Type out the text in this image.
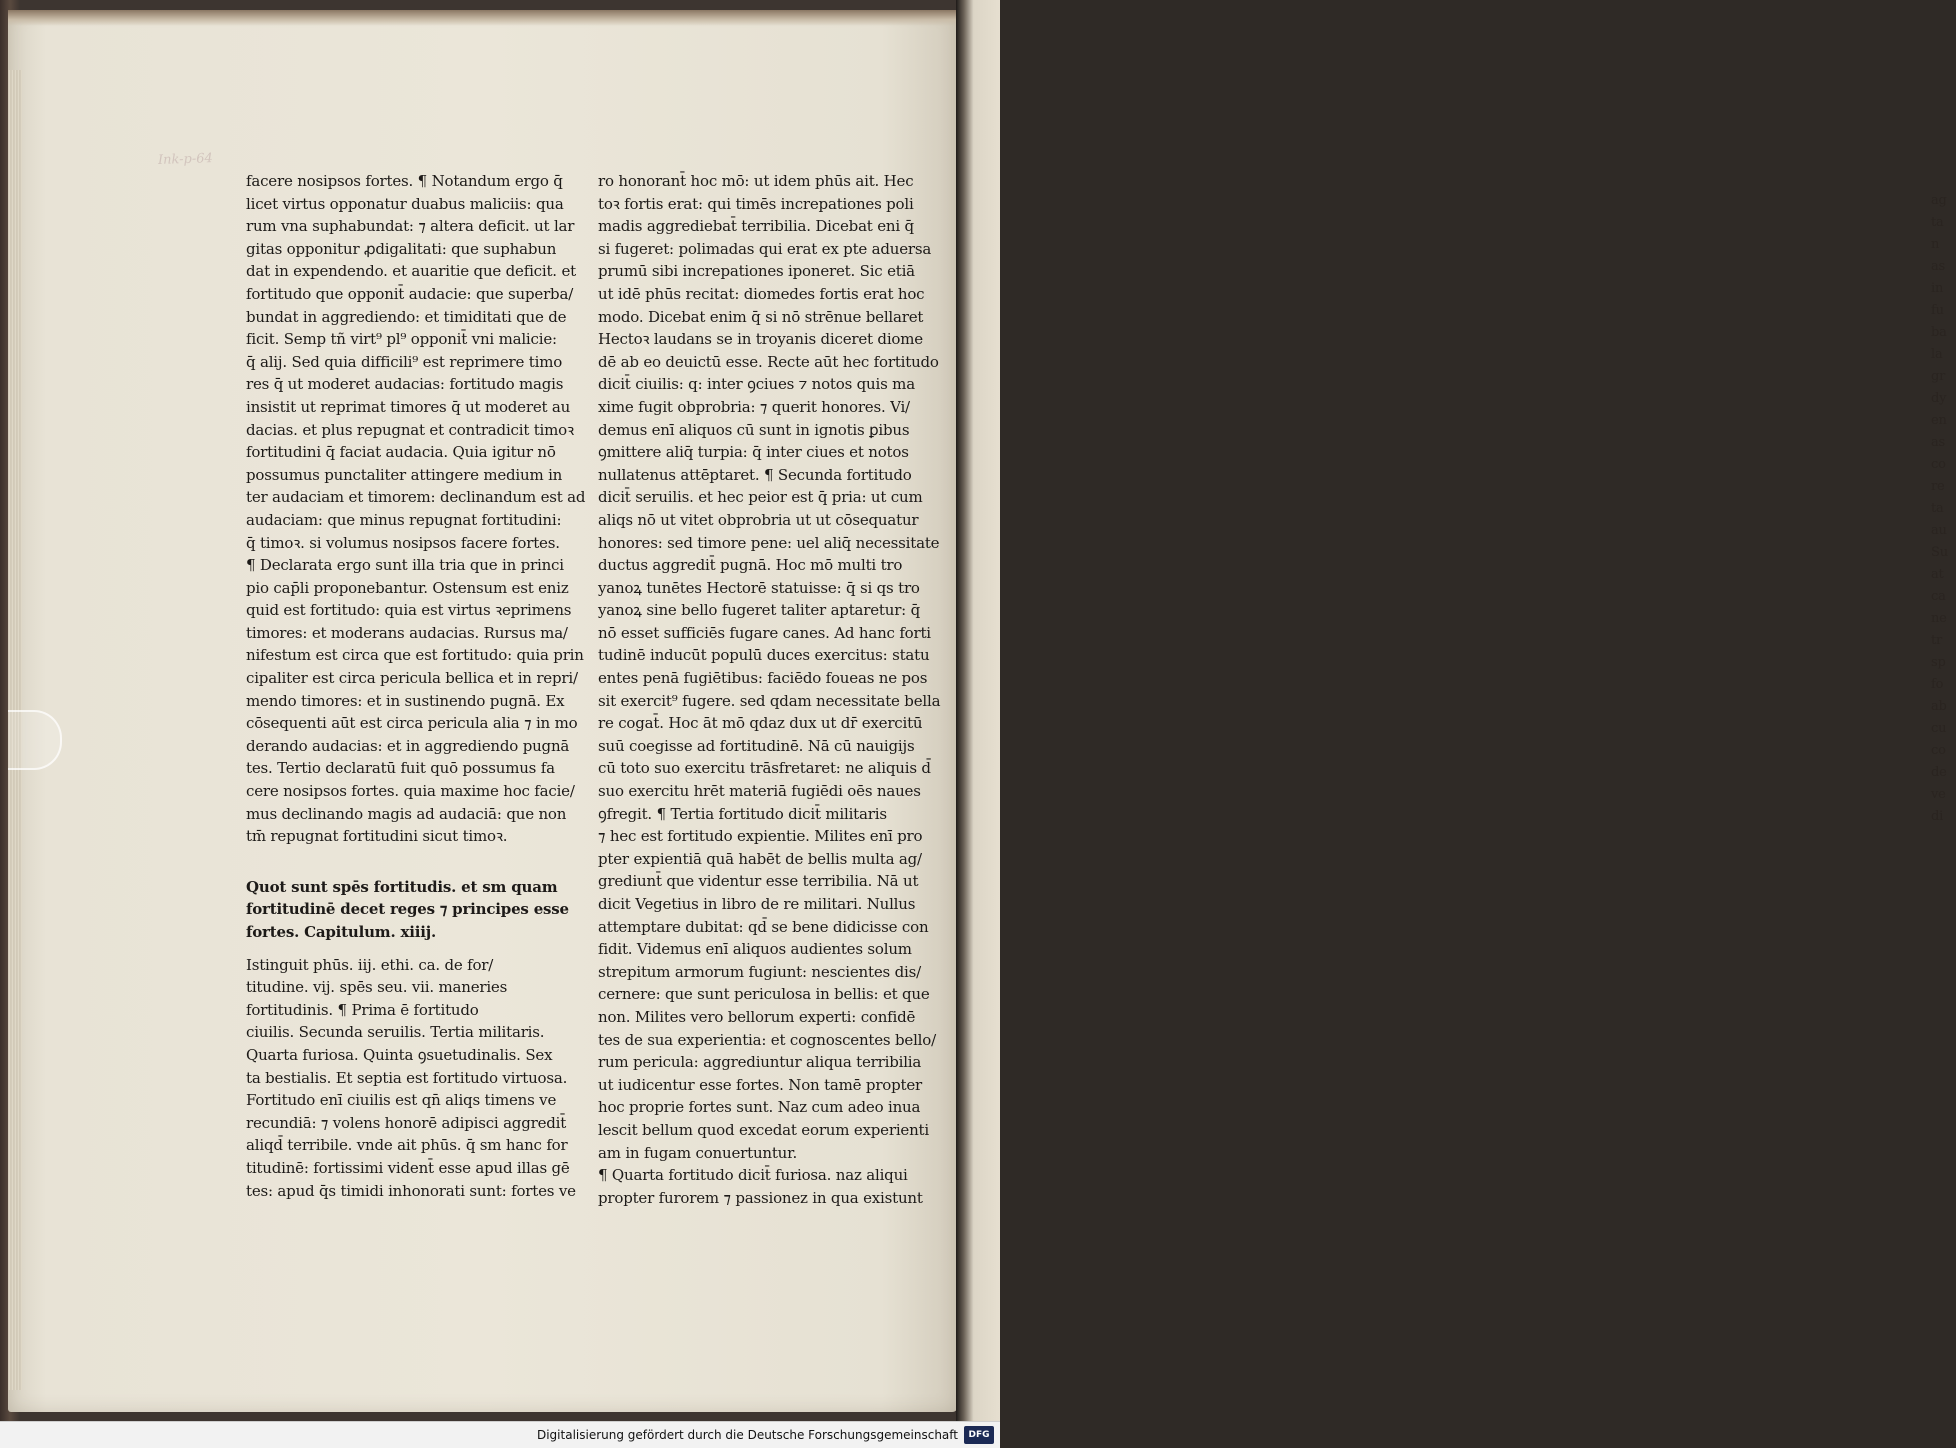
Ink-p-64
facere nosipsos fortes. ¶ Notandum ergo q̄
licet virtus opponatur duabus maliciis: qua
rum vna suphabundat: ⁊ altera deficit. ut lar
gitas opponitur ꝓdigalitati: que suphabun
dat in expendendo. et auaritie que deficit. et
fortitudo que opponit̄ audacie: que superba/
bundat in aggrediendo: et timiditati que de
ficit. Semp tñ virt⁹ pl⁹ opponit̄ vni malicie:
q̄ alij. Sed quia difficili⁹ est reprimere timo
res q̄ ut moderet audacias: fortitudo magis
insistit ut reprimat timores q̄ ut moderet au
dacias. et plus repugnat et contradicit timoꝛ
fortitudini q̄ faciat audacia. Quia igitur nō
possumus punctaliter attingere medium in
ter audaciam et timorem: declinandum est ad
audaciam: que minus repugnat fortitudini:
q̄ timoꝛ. si volumus nosipsos facere fortes.
¶ Declarata ergo sunt illa tria que in princi
pio cap̄li proponebantur. Ostensum est eniz
quid est fortitudo: quia est virtus ꝛeprimens
timores: et moderans audacias. Rursus ma/
nifestum est circa que est fortitudo: quia prin
cipaliter est circa pericula bellica et in repri/
mendo timores: et in sustinendo pugnā. Ex
cōsequenti aūt est circa pericula alia ⁊ in mo
derando audacias: et in aggrediendo pugnā
tes. Tertio declaratū fuit quō possumus fa
cere nosipsos fortes. quia maxime hoc facie/
mus declinando magis ad audaciā: que non
tm̄ repugnat fortitudini sicut timoꝛ.
Quot sunt spēs fortitudis. et sm quam
fortitudinē decet reges ⁊ principes esse
fortes. Capitulum. xiiij.
Istinguit phūs. iij. ethi. ca. de for/
titudine. vij. spēs seu. vii. maneries
fortitudinis. ¶ Prima ē fortitudo
ciuilis. Secunda seruilis. Tertia militaris.
Quarta furiosa. Quinta ꝯsuetudinalis. Sex
ta bestialis. Et septia est fortitudo virtuosa.
Fortitudo enī ciuilis est qn̄ aliqs timens ve
recundiā: ⁊ volens honorē adipisci aggredit̄
aliqd̄ terribile. vnde ait phūs. q̄ sm hanc for
titudinē: fortissimi vident̄ esse apud illas gē
tes: apud q̄s timidi inhonorati sunt: fortes ve
ro honorant̄ hoc mō: ut idem phūs ait. Hec
toꝛ fortis erat: qui timēs increpationes poli
madis aggrediebat̄ terribilia. Dicebat eni q̄
si fugeret: polimadas qui erat ex pte aduersa
prumū sibi increpationes iponeret. Sic etiā
ut idē phūs recitat: diomedes fortis erat hoc
modo. Dicebat enim q̄ si nō strēnue bellaret
Hectoꝛ laudans se in troyanis diceret diome
dē ab eo deuictū esse. Recte aūt hec fortitudo
dicit̄ ciuilis: q: inter ꝯciues ⁊ notos quis ma
xime fugit obprobria: ⁊ querit honores. Vi/
demus enī aliquos cū sunt in ignotis ꝑibus
ꝯmittere aliq̄ turpia: q̄ inter ciues et notos
nullatenus attēptaret. ¶ Secunda fortitudo
dicit̄ seruilis. et hec peior est q̄ pria: ut cum
aliqs nō ut vitet obprobria ut ut cōsequatur
honores: sed timore pene: uel aliq̄ necessitate
ductus aggredit̄ pugnā. Hoc mō multi tro
yanoꝝ tunētes Hectorē statuisse: q̄ si qs tro
yanoꝝ sine bello fugeret taliter aptaretur: q̄
nō esset sufficiēs fugare canes. Ad hanc forti
tudinē inducūt populū duces exercitus: statu
entes penā fugiētibus: faciēdo foueas ne pos
sit exercit⁹ fugere. sed qdam necessitate bella
re cogat̄. Hoc āt mō qdaz dux ut dr̄ exercitū
suū coegisse ad fortitudinē. Nā cū nauigijs
cū toto suo exercitu trāsfretaret: ne aliquis d̄
suo exercitu hrēt materiā fugiēdi oēs naues
ꝯfregit. ¶ Tertia fortitudo dicit̄ militaris
⁊ hec est fortitudo expientie. Milites enī pro
pter expientiā quā habēt de bellis multa ag/
grediunt̄ que videntur esse terribilia. Nā ut
dicit Vegetius in libro de re militari. Nullus
attemptare dubitat: qd̄ se bene didicisse con
fidit. Videmus enī aliquos audientes solum
strepitum armorum fugiunt: nescientes dis/
cernere: que sunt periculosa in bellis: et que
non. Milites vero bellorum experti: confidē
tes de sua experientia: et cognoscentes bello/
rum pericula: aggrediuntur aliqua terribilia
ut iudicentur esse fortes. Non tamē propter
hoc proprie fortes sunt. Naz cum adeo inua
lescit bellum quod excedat eorum experienti
am in fugam conuertuntur.
¶ Quarta fortitudo dicit̄ furiosa. naz aliqui
propter furorem ⁊ passionez in qua existunt
ag
ta
n
as
in
fu
ba
la
gr
dy
en
as
co
re
ta
au
Su
at
ca
ne
tr
sp
fo
ab
cu
co
de
ve
di
Digitalisierung gefördert durch die Deutsche Forschungsgemeinschaft	DFG
